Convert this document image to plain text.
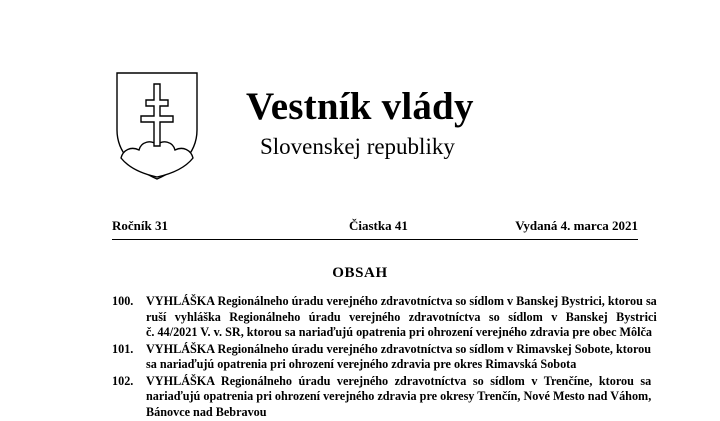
Vestník vlády
Slovenskej republiky
Ročník 31	Čiastka 41	Vydaná 4. marca 2021
OBSAH
100.	VYHLÁŠKA Regionálneho úradu verejného zdravotníctva so sídlom v Banskej Bystrici, ktorou sa
ruší vyhláška Regionálneho úradu verejného zdravotníctva so sídlom v Banskej Bystrici
č. 44/2021 V. v. SR, ktorou sa nariaďujú opatrenia pri ohrození verejného zdravia pre obec Môlča
101.	VYHLÁŠKA Regionálneho úradu verejného zdravotníctva so sídlom v Rimavskej Sobote, ktorou
sa nariaďujú opatrenia pri ohrození verejného zdravia pre okres Rimavská Sobota
102.	VYHLÁŠKA Regionálneho úradu verejného zdravotníctva so sídlom v Trenčíne, ktorou sa
nariaďujú opatrenia pri ohrození verejného zdravia pre okresy Trenčín, Nové Mesto nad Váhom,
Bánovce nad Bebravou
